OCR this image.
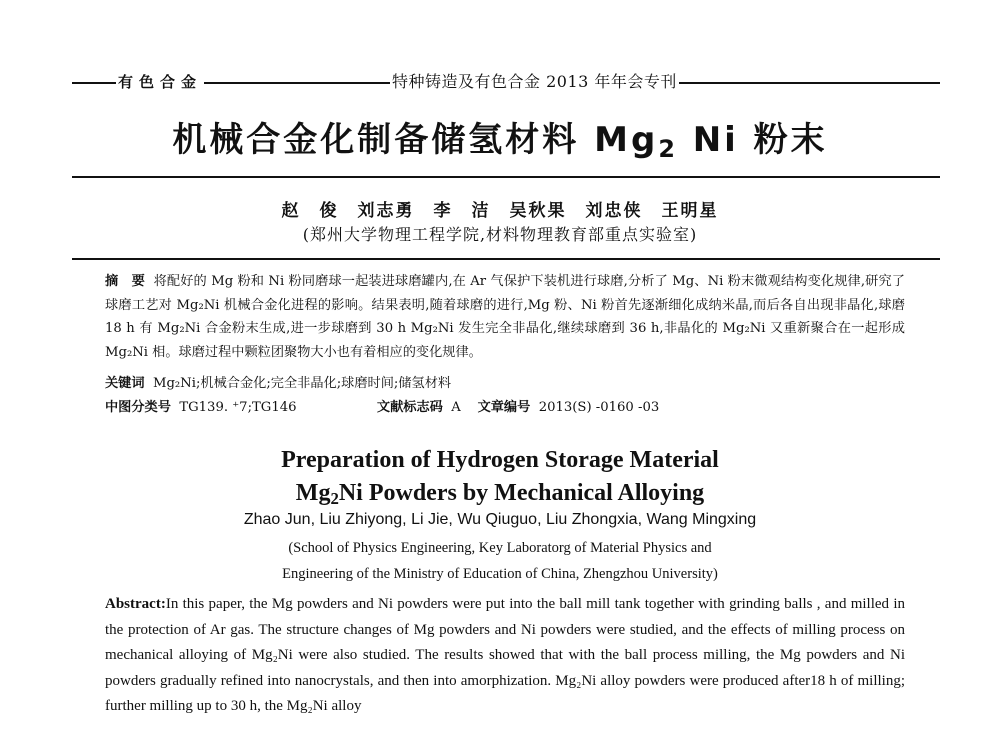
有色合金	特种铸造及有色合金 2013 年年会专刊
机械合金化制备储氢材料 $Mg_2$ Ni 粉末
赵　俊　刘志勇　李　洁　吴秋果　刘忠侠　王明星
(郑州大学物理工程学院,材料物理教育部重点实验室)
摘　要 将配好的 Mg 粉和 Ni 粉同磨球一起装进球磨罐内,在 Ar 气保护下装机进行球磨,分析了 Mg、Ni 粉末微观结构变化规律,研究了球磨工艺对 Mg₂Ni 机械合金化进程的影响。结果表明,随着球磨的进行,Mg 粉、Ni 粉首先逐渐细化成纳米晶,而后各自出现非晶化,球磨 18 h 有 Mg₂Ni 合金粉末生成,进一步球磨到 30 h Mg₂Ni 发生完全非晶化,继续球磨到 36 h,非晶化的 Mg₂Ni 又重新聚合在一起形成 Mg₂Ni 相。球磨过程中颗粒团聚物大小也有着相应的变化规律。
关键词 Mg₂Ni;机械合金化;完全非晶化;球磨时间;储氢材料
中图分类号 TG139. ⁺7;TG146	文献标志码 A 文章编号 2013(S) -0160 -03
Preparation of Hydrogen Storage Material
$Mg_2Ni$ Powders by Mechanical Alloying
Zhao Jun, Liu Zhiyong, Li Jie, Wu Qiuguo, Liu Zhongxia, Wang Mingxing
(School of Physics Engineering, Key Laboratorg of Material Physics and
Engineering of the Ministry of Education of China, Zhengzhou University)
Abstract:In this paper, the Mg powders and Ni powders were put into the ball mill tank together with grinding balls , and milled in the protection of Ar gas. The structure changes of Mg powders and Ni powders were studied, and the effects of milling process on mechanical alloying of Mg₂Ni were also studied. The results showed that with the ball process milling, the Mg powders and Ni powders gradually refined into nanocrystals, and then into amorphization. Mg₂Ni alloy powders were produced after18 h of milling; further milling up to 30 h, the Mg₂Ni alloy
